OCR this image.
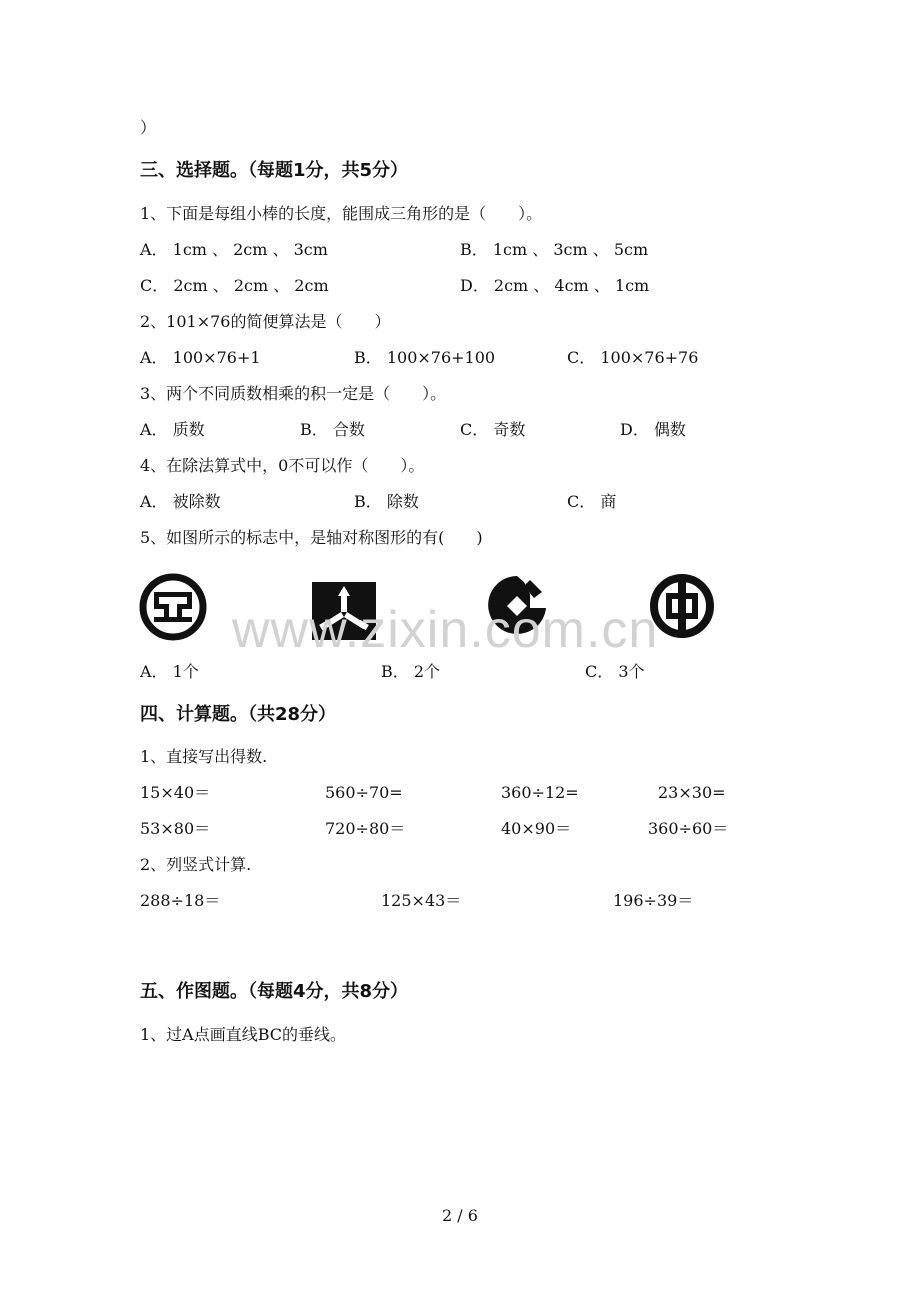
）
三、选择题。（每题1分，共5分）
1、下面是每组小棒的长度，能围成三角形的是（　　）。
A． 1cm 、 2cm 、 3cm	B． 1cm 、 3cm 、 5cm
C． 2cm 、 2cm 、 2cm	D． 2cm 、 4cm 、 1cm
2、101×76的简便算法是（　　）
A． 100×76+1	B． 100×76+100	C． 100×76+76
3、两个不同质数相乘的积一定是（　　）。
A． 质数	B． 合数	C． 奇数	D． 偶数
4、在除法算式中，0不可以作（　　）。
A． 被除数	B． 除数	C． 商
5、如图所示的标志中，是轴对称图形的有(　　)
www.zixin.com.cn
A． 1个	B． 2个	C． 3个
四、计算题。（共28分）
1、直接写出得数.
15×40＝	560÷70=	360÷12=	23×30=
53×80＝	720÷80＝	40×90＝	360÷60＝
2、列竖式计算.
288÷18＝	125×43＝	196÷39＝
五、作图题。（每题4分，共8分）
1、过A点画直线BC的垂线。
2 / 6
